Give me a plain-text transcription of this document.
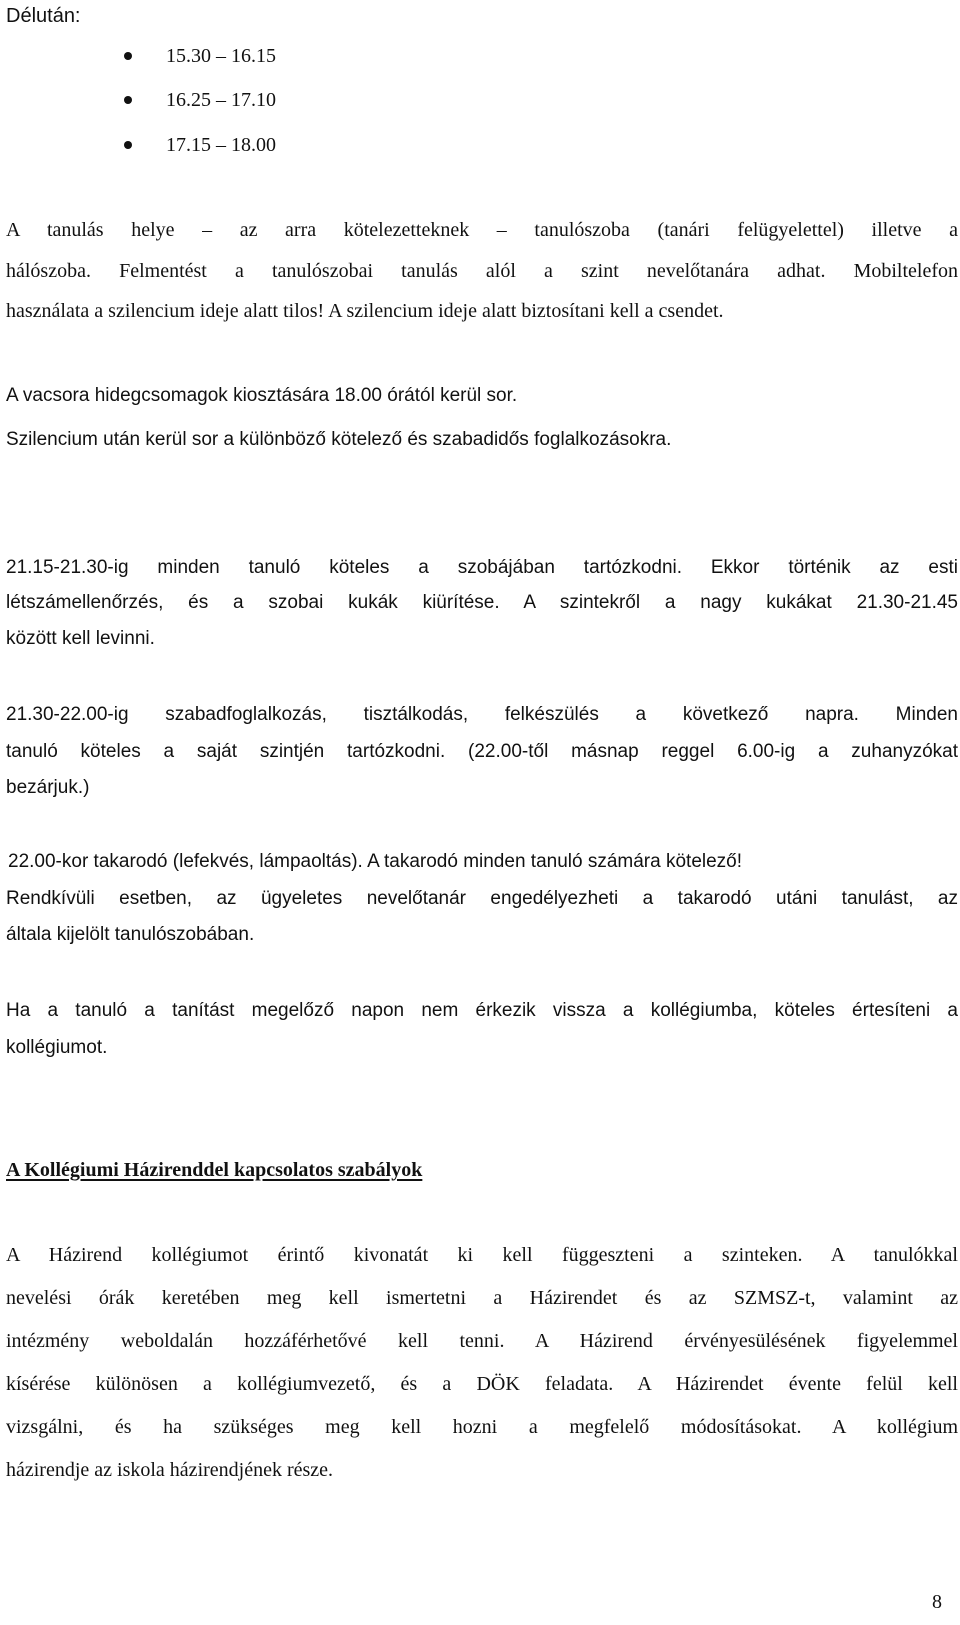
Délután:
15.30 – 16.15
16.25 – 17.10
17.15 – 18.00
A tanulás helye – az arra kötelezetteknek – tanulószoba (tanári felügyelettel) illetve a
hálószoba. Felmentést a tanulószobai tanulás alól a szint nevelőtanára adhat. Mobiltelefon
használata a szilencium ideje alatt tilos! A szilencium ideje alatt biztosítani kell a csendet.
A vacsora hidegcsomagok kiosztására 18.00 órától kerül sor.
Szilencium után kerül sor a különböző kötelező és szabadidős foglalkozásokra.
21.15-21.30-ig minden tanuló köteles a szobájában tartózkodni. Ekkor történik az esti
létszámellenőrzés, és a szobai kukák kiürítése. A szintekről a nagy kukákat 21.30-21.45
között kell levinni.
21.30-22.00-ig szabadfoglalkozás, tisztálkodás, felkészülés a következő napra. Minden
tanuló köteles a saját szintjén tartózkodni. (22.00-től másnap reggel 6.00-ig a zuhanyzókat
bezárjuk.)
22.00-kor takarodó (lefekvés, lámpaoltás). A takarodó minden tanuló számára kötelező!
Rendkívüli esetben, az ügyeletes nevelőtanár engedélyezheti a takarodó utáni tanulást, az
általa kijelölt tanulószobában.
Ha a tanuló a tanítást megelőző napon nem érkezik vissza a kollégiumba, köteles értesíteni a
kollégiumot.
A Kollégiumi Házirenddel kapcsolatos szabályok
A Házirend kollégiumot érintő kivonatát ki kell függeszteni a szinteken. A tanulókkal
nevelési órák keretében meg kell ismertetni a Házirendet és az SZMSZ-t, valamint az
intézmény weboldalán hozzáférhetővé kell tenni. A Házirend érvényesülésének figyelemmel
kísérése különösen a kollégiumvezető, és a DÖK feladata. A Házirendet évente felül kell
vizsgálni, és ha szükséges meg kell hozni a megfelelő módosításokat. A kollégium
házirendje az iskola házirendjének része.
8
